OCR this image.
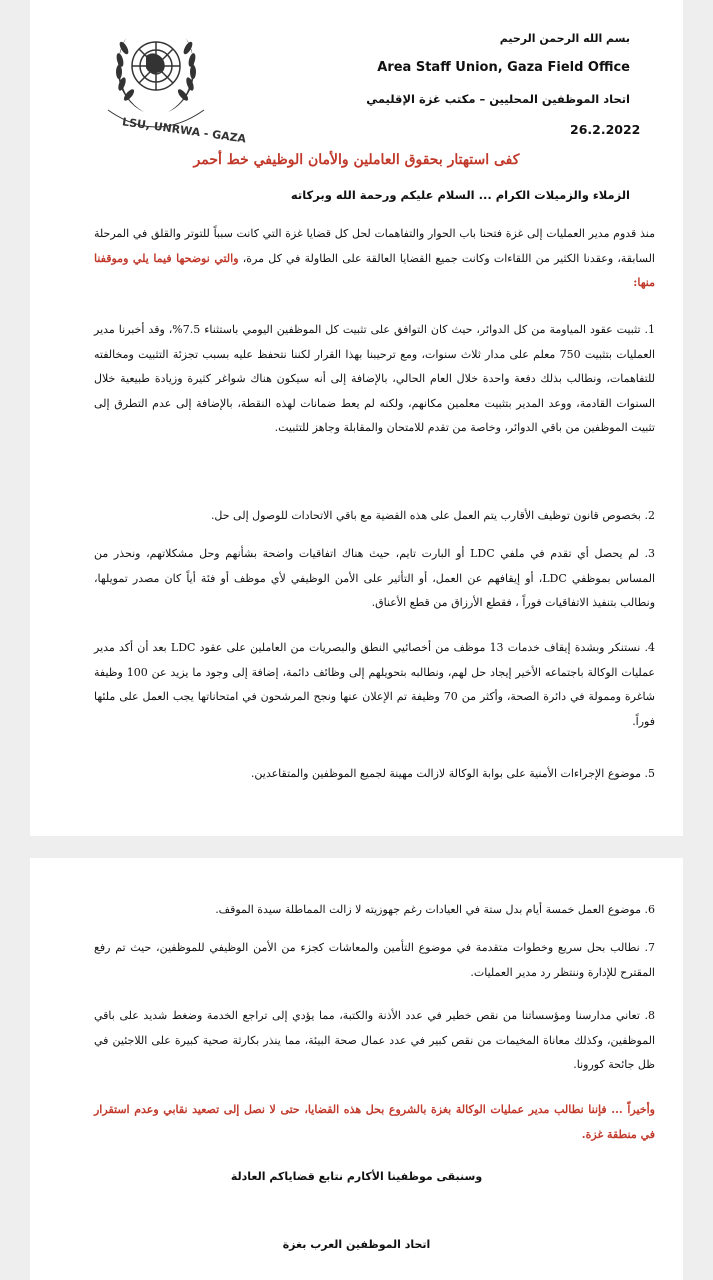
LSU, UNRWA - GAZA
بسم الله الرحمن الرحيم
Area Staff Union, Gaza Field Office
اتحاد الموظفين المحليين – مكتب غزة الإقليمي
26.2.2022
كفى استهتار بحقوق العاملين والأمان الوظيفي خط أحمر
الزملاء والزميلات الكرام ... السلام عليكم ورحمة الله وبركاته
منذ قدوم مدير العمليات إلى غزة فتحنا باب الحوار والتفاهمات لحل كل قضايا غزة التي كانت سبباً للتوتر والقلق في المرحلة السابقة، وعقدنا الكثير من اللقاءات وكانت جميع القضايا العالقة على الطاولة في كل مرة، والتي نوضحها فيما يلي وموقفنا منها:
1. تثبيت عقود المياومة من كل الدوائر، حيث كان التوافق على تثبيت كل الموظفين اليومي باستثناء 7.5%، وقد أخبرنا مدير العمليات بتثبيت 750 معلم على مدار ثلاث سنوات، ومع ترحيبنا بهذا القرار لكننا نتحفظ عليه بسبب تجزئة التثبيت ومخالفته للتفاهمات، ونطالب بذلك دفعة واحدة خلال العام الحالي، بالإضافة إلى أنه سيكون هناك شواغر كثيرة وزيادة طبيعية خلال السنوات القادمة، ووعد المدير بتثبيت معلمين مكانهم، ولكنه لم يعط ضمانات لهذه النقطة، بالإضافة إلى عدم التطرق إلى تثبيت الموظفين من باقي الدوائر، وخاصة من تقدم للامتحان والمقابلة وجاهز للتثبيت.
2. بخصوص قانون توظيف الأقارب يتم العمل على هذه القضية مع باقي الاتحادات للوصول إلى حل.
3. لم يحصل أي تقدم في ملفي LDC أو البارت تايم، حيث هناك اتفاقيات واضحة بشأنهم وحل مشكلاتهم، ونحذر من المساس بموظفي LDC، أو إيقافهم عن العمل، أو التأثير على الأمن الوظيفي لأي موظف أو فئة أياً كان مصدر تمويلها، ونطالب بتنفيذ الاتفاقيات فوراً ، فقطع الأرزاق من قطع الأعناق.
4. نستنكر وبشدة إيقاف خدمات 13 موظف من أخصائيي النطق والبصريات من العاملين على عقود LDC بعد أن أكد مدير عمليات الوكالة باجتماعه الأخير إيجاد حل لهم، ونطالبه بتحويلهم إلى وظائف دائمة، إضافة إلى وجود ما يزيد عن 100 وظيفة شاغرة وممولة في دائرة الصحة، وأكثر من 70 وظيفة تم الإعلان عنها ونجح المرشحون في امتحاناتها يجب العمل على ملئها فوراً.
5. موضوع الإجراءات الأمنية على بوابة الوكالة لازالت مهينة لجميع الموظفين والمتقاعدين.
6. موضوع العمل خمسة أيام بدل ستة في العيادات رغم جهوزيته لا زالت المماطلة سيدة الموقف.
7. نطالب بحل سريع وخطوات متقدمة في موضوع التأمين والمعاشات كجزء من الأمن الوظيفي للموظفين، حيث تم رفع المقترح للإدارة وننتظر رد مدير العمليات.
8. تعاني مدارسنا ومؤسساتنا من نقص خطير في عدد الأذنة والكتبة، مما يؤدي إلى تراجع الخدمة وضغط شديد على باقي الموظفين، وكذلك معاناة المخيمات من نقص كبير في عدد عمال صحة البيئة، مما ينذر بكارثة صحية كبيرة على اللاجئين في ظل جائحة كورونا.
وأخيراً ... فإننا نطالب مدير عمليات الوكالة بغزة بالشروع بحل هذه القضايا، حتى لا نصل إلى تصعيد نقابي وعدم استقرار في منطقة غزة.
وسنبقى موظفينا الأكارم نتابع قضاياكم العادلة
اتحاد الموظفين العرب بغزة
